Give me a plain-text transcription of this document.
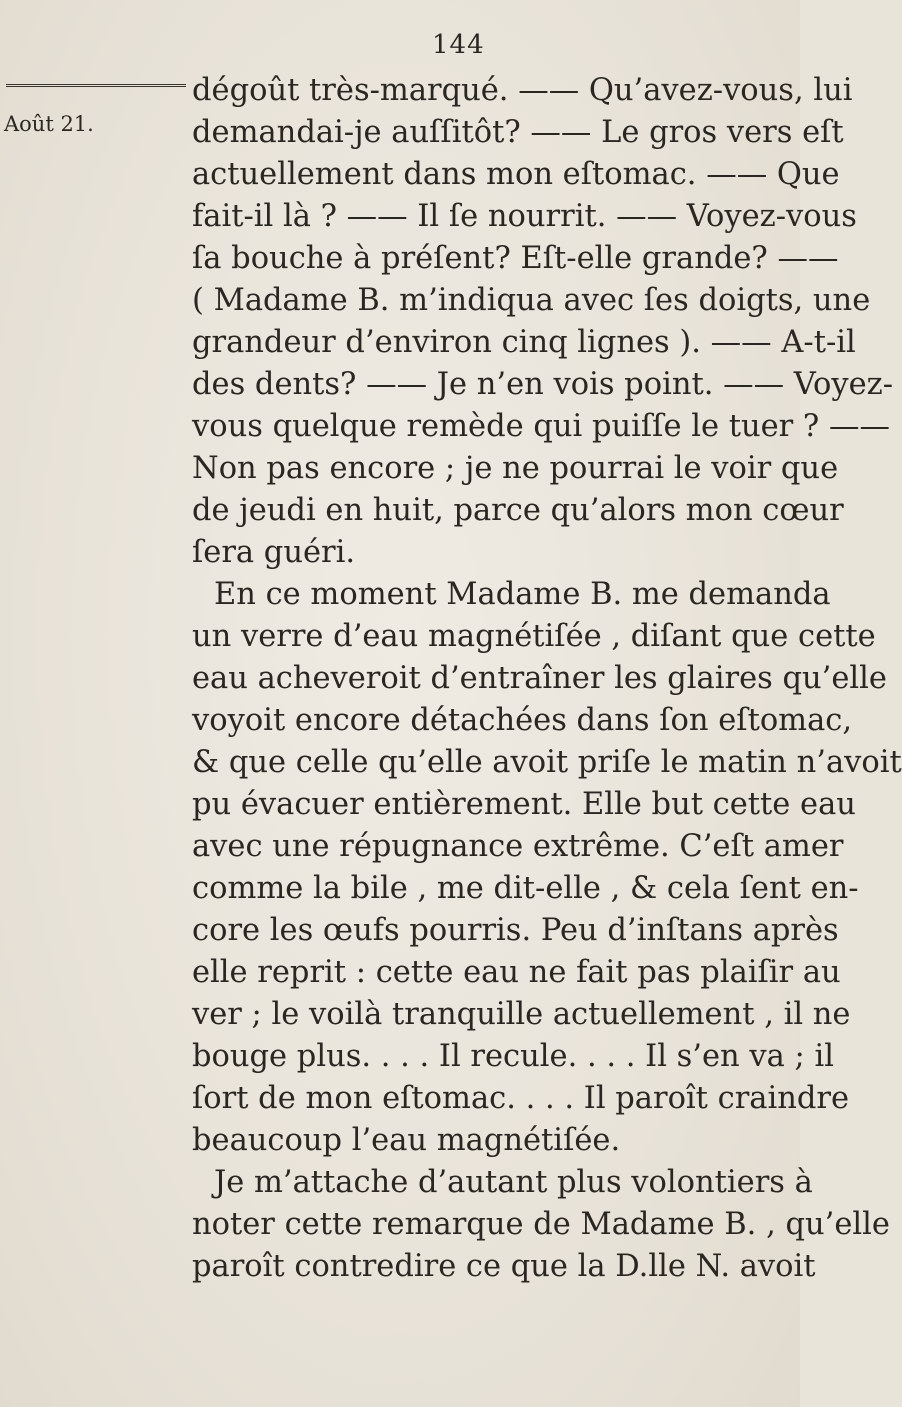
144
Août 21.
dégoût très-marqué. —— Qu’avez-vous, lui
demandai-je auſſitôt? —— Le gros vers eſt
actuellement dans mon eſtomac. —— Que
fait-il là ? —— Il ſe nourrit. —— Voyez-vous
ſa bouche à préſent? Eſt-elle grande? ——
( Madame B. m’indiqua avec ſes doigts, une
grandeur d’environ cinq lignes ). —— A-t-il
des dents? —— Je n’en vois point. —— Voyez-
vous quelque remède qui puiſſe le tuer ? ——
Non pas encore ; je ne pourrai le voir que
de jeudi en huit, parce qu’alors mon cœur
ſera guéri.
En ce moment Madame B. me demanda
un verre d’eau magnétiſée , diſant que cette
eau acheveroit d’entraîner les glaires qu’elle
voyoit encore détachées dans ſon eſtomac,
& que celle qu’elle avoit priſe le matin n’avoit
pu évacuer entièrement. Elle but cette eau
avec une répugnance extrême. C’eſt amer
comme la bile , me dit-elle , & cela ſent en-
core les œufs pourris. Peu d’inſtans après
elle reprit : cette eau ne fait pas plaiſir au
ver ; le voilà tranquille actuellement , il ne
bouge plus. . . . Il recule. . . . Il s’en va ; il
ſort de mon eſtomac. . . . Il paroît craindre
beaucoup l’eau magnétiſée.
Je m’attache d’autant plus volontiers à
noter cette remarque de Madame B. , qu’elle
paroît contredire ce que la D.lle N. avoit
